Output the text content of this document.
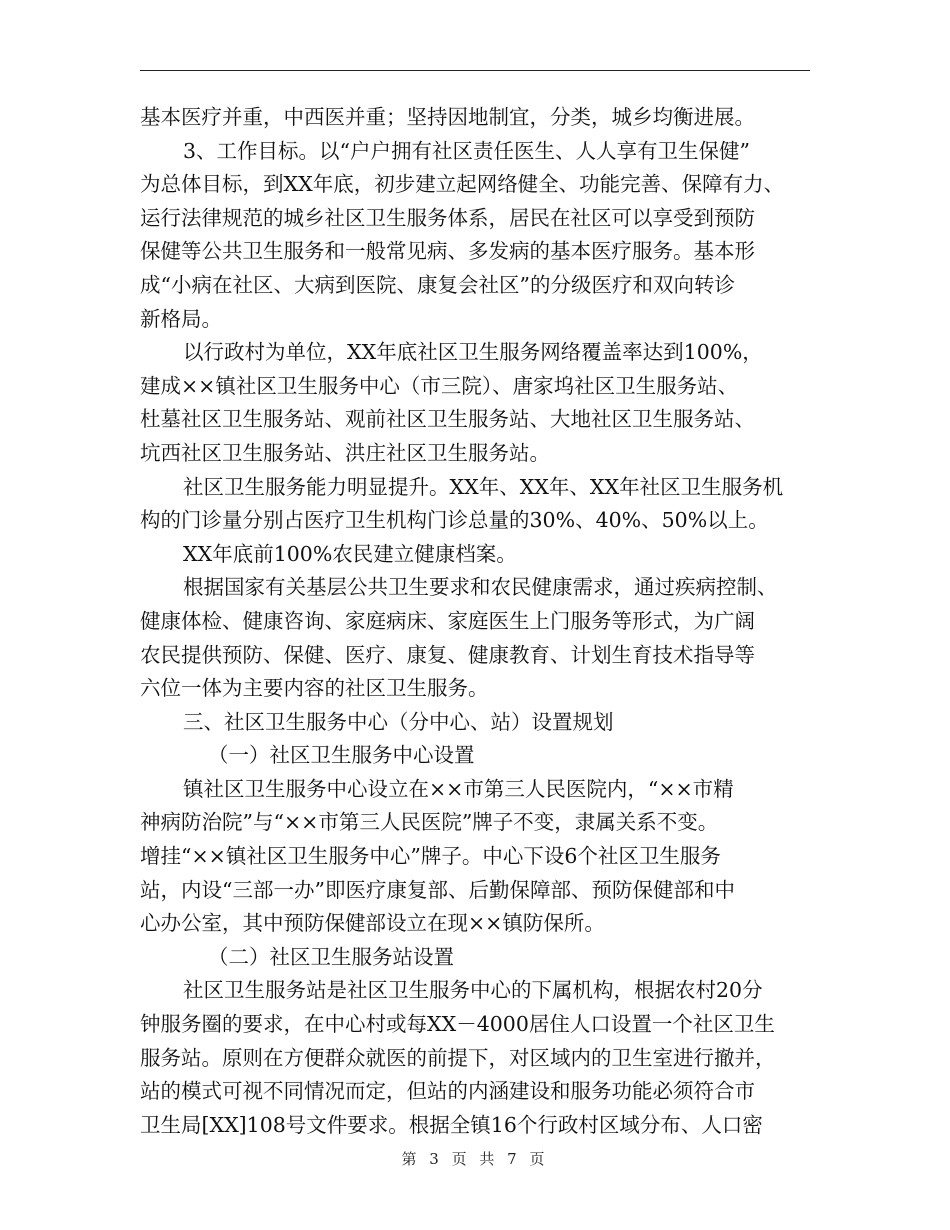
基本医疗并重，中西医并重；坚持因地制宜，分类，城乡均衡进展。
3、工作目标。以“户户拥有社区责任医生、人人享有卫生保健”
为总体目标，到XX年底，初步建立起网络健全、功能完善、保障有力、
运行法律规范的城乡社区卫生服务体系，居民在社区可以享受到预防
保健等公共卫生服务和一般常见病、多发病的基本医疗服务。基本形
成“小病在社区、大病到医院、康复会社区”的分级医疗和双向转诊
新格局。
以行政村为单位，XX年底社区卫生服务网络覆盖率达到100%，
建成××镇社区卫生服务中心（市三院）、唐家坞社区卫生服务站、
杜墓社区卫生服务站、观前社区卫生服务站、大地社区卫生服务站、
坑西社区卫生服务站、洪庄社区卫生服务站。
社区卫生服务能力明显提升。XX年、XX年、XX年社区卫生服务机
构的门诊量分别占医疗卫生机构门诊总量的30%、40%、50%以上。
XX年底前100%农民建立健康档案。
根据国家有关基层公共卫生要求和农民健康需求，通过疾病控制、
健康体检、健康咨询、家庭病床、家庭医生上门服务等形式，为广阔
农民提供预防、保健、医疗、康复、健康教育、计划生育技术指导等
六位一体为主要内容的社区卫生服务。
三、社区卫生服务中心（分中心、站）设置规划
（一）社区卫生服务中心设置
镇社区卫生服务中心设立在××市第三人民医院内，“××市精
神病防治院”与“××市第三人民医院”牌子不变，隶属关系不变。
增挂“××镇社区卫生服务中心”牌子。中心下设6个社区卫生服务
站，内设“三部一办”即医疗康复部、后勤保障部、预防保健部和中
心办公室，其中预防保健部设立在现××镇防保所。
（二）社区卫生服务站设置
社区卫生服务站是社区卫生服务中心的下属机构，根据农村20分
钟服务圈的要求，在中心村或每XX－4000居住人口设置一个社区卫生
服务站。原则在方便群众就医的前提下，对区域内的卫生室进行撤并，
站的模式可视不同情况而定，但站的内涵建设和服务功能必须符合市
卫生局[XX]108号文件要求。根据全镇16个行政村区域分布、人口密
第 3 页 共 7 页
